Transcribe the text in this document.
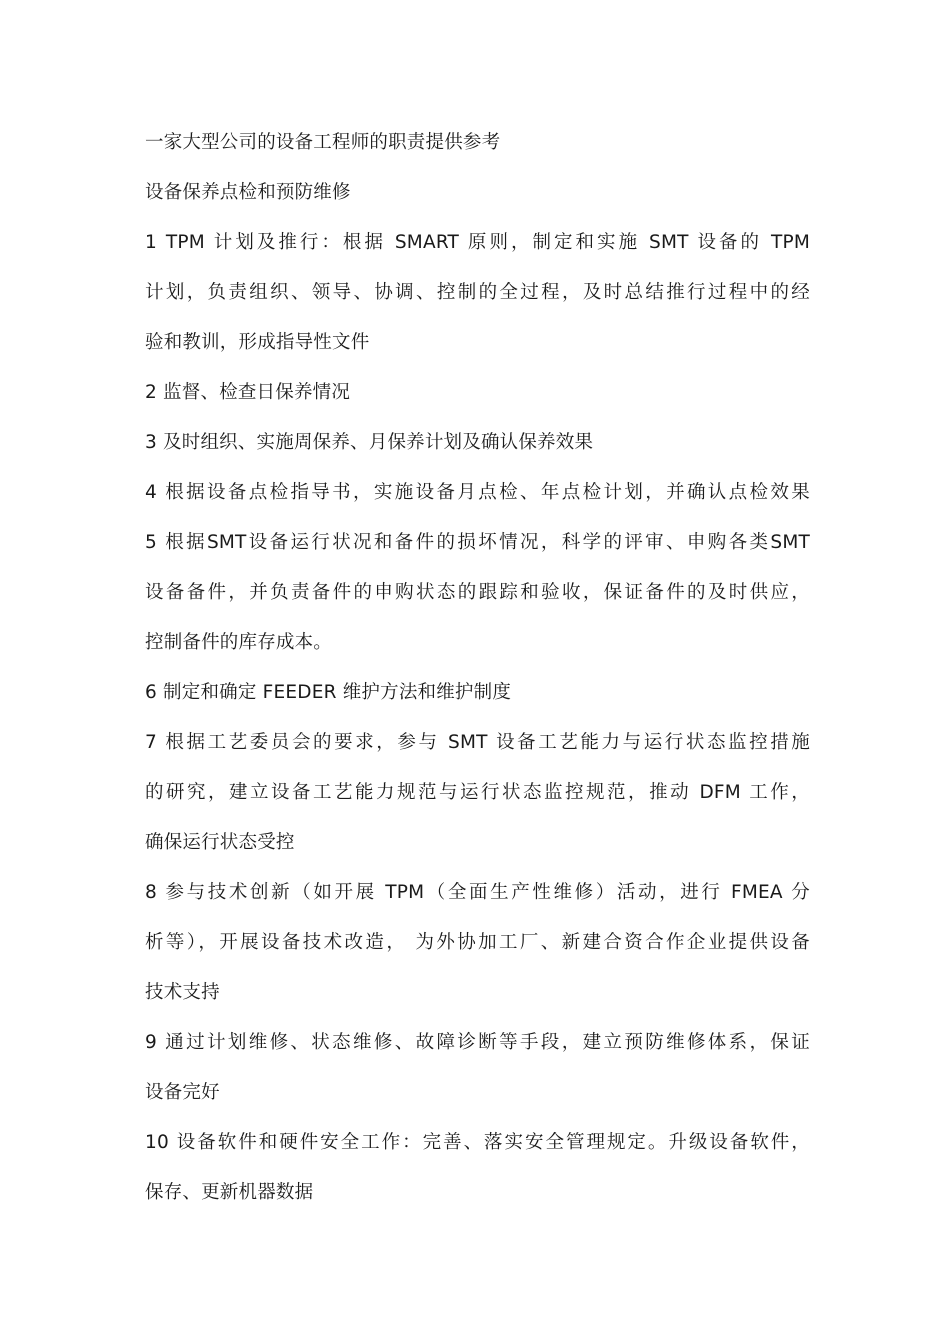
一家大型公司的设备工程师的职责提供参考
设备保养点检和预防维修
1 TPM 计划及推行：根据 SMART 原则，制定和实施 SMT 设备的 TPM
计划，负责组织、领导、协调、控制的全过程，及时总结推行过程中的经
验和教训，形成指导性文件
2 监督、检查日保养情况
3 及时组织、实施周保养、月保养计划及确认保养效果
4 根据设备点检指导书，实施设备月点检、年点检计划，并确认点检效果
5 根据SMT设备运行状况和备件的损坏情况，科学的评审、申购各类SMT
设备备件，并负责备件的申购状态的跟踪和验收，保证备件的及时供应，
控制备件的库存成本。
6 制定和确定 FEEDER 维护方法和维护制度
7 根据工艺委员会的要求，参与 SMT 设备工艺能力与运行状态监控措施
的研究，建立设备工艺能力规范与运行状态监控规范，推动 DFM 工作，
确保运行状态受控
8 参与技术创新（如开展 TPM（全面生产性维修）活动，进行 FMEA 分
析等），开展设备技术改造， 为外协加工厂、新建合资合作企业提供设备
技术支持
9 通过计划维修、状态维修、故障诊断等手段，建立预防维修体系，保证
设备完好
10 设备软件和硬件安全工作：完善、落实安全管理规定。升级设备软件，
保存、更新机器数据
